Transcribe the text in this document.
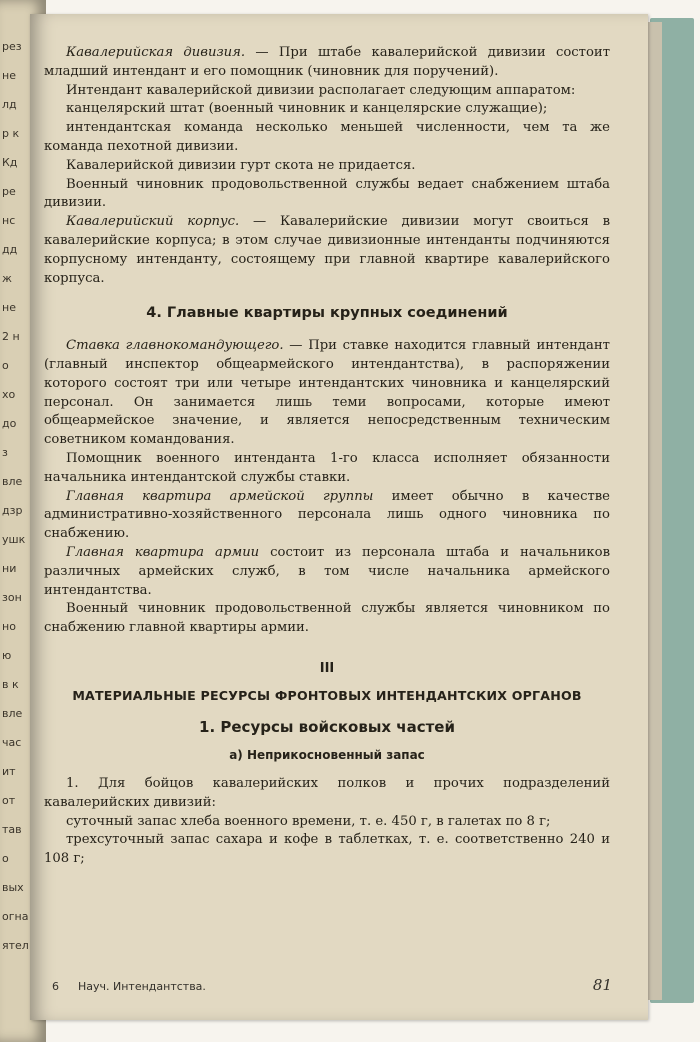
рез
не
лд
р к
Кд
ре
нс
дд
ж
не
2 н
о
хо
до
з
вле
дзр
ушк
ни
зон
но
ю
в к
вле
час
ит
от
тав
о
вых
огна
ятел

Кавалерийская дивизия. — При штабе кавалерийской дивизии состоит младший интендант и его помощник (чиновник для поручений).

Интендант кавалерийской дивизии располагает следующим аппаратом:

канцелярский штат (военный чиновник и канцелярские служащие);

интендантская команда несколько меньшей численности, чем та же команда пехотной дивизии.

Кавалерийской дивизии гурт скота не придается.

Военный чиновник продовольственной службы ведает снабжением штаба дивизии.

Кавалерийский корпус. — Кавалерийские дивизии могут своиться в кавалерийские корпуса; в этом случае дивизионные интенданты подчиняются корпусному интенданту, состоящему при главной квартире кавалерийского корпуса.

4. Главные квартиры крупных соединений

Ставка главнокомандующего. — При ставке находится главный интендант (главный инспектор общеармейского интендантства), в распоряжении которого состоят три или четыре интендантских чиновника и канцелярский персонал. Он занимается лишь теми вопросами, которые имеют общеармейское значение, и является непосредственным техническим советником командования.

Помощник военного интенданта 1-го класса исполняет обязанности начальника интендантской службы ставки.

Главная квартира армейской группы имеет обычно в качестве административно-хозяйственного персонала лишь одного чиновника по снабжению.

Главная квартира армии состоит из персонала штаба и начальников различных армейских служб, в том числе начальника армейского интендантства.

Военный чиновник продовольственной службы является чиновником по снабжению главной квартиры армии.

III
МАТЕРИАЛЬНЫЕ РЕСУРСЫ ФРОНТОВЫХ ИНТЕНДАНТСКИХ ОРГАНОВ
1. Ресурсы войсковых частей
а) Неприкосновенный запас

1. Для бойцов кавалерийских полков и прочих подразделений кавалерийских дивизий:

суточный запас хлеба военного времени, т. е. 450 г, в галетах по 8 г;

трехсуточный запас сахара и кофе в таблетках, т. е. соответственно 240 и 108 г;

6 Науч. Интендантства.	81
